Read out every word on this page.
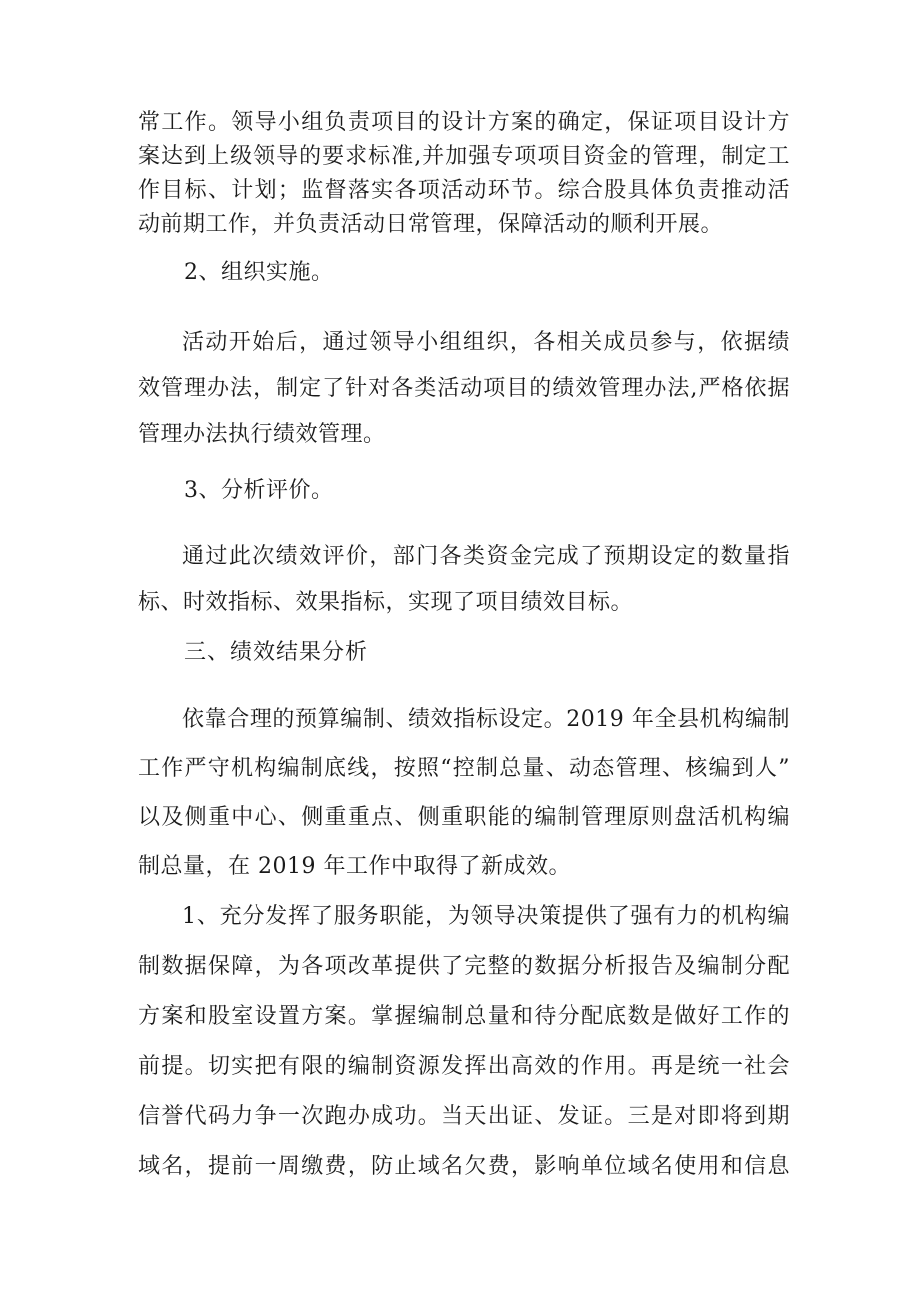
常工作。领导小组负责项目的设计方案的确定，保证项目设计方
案达到上级领导的要求标准,并加强专项项目资金的管理，制定工
作目标、计划；监督落实各项活动环节。综合股具体负责推动活
动前期工作，并负责活动日常管理，保障活动的顺利开展。
2、组织实施。
活动开始后，通过领导小组组织，各相关成员参与，依据绩
效管理办法，制定了针对各类活动项目的绩效管理办法,严格依据
管理办法执行绩效管理。
3、分析评价。
通过此次绩效评价，部门各类资金完成了预期设定的数量指
标、时效指标、效果指标，实现了项目绩效目标。
三、绩效结果分析
依靠合理的预算编制、绩效指标设定。2019 年全县机构编制
工作严守机构编制底线，按照“控制总量、动态管理、核编到人”
以及侧重中心、侧重重点、侧重职能的编制管理原则盘活机构编
制总量，在 2019 年工作中取得了新成效。
1、充分发挥了服务职能，为领导决策提供了强有力的机构编
制数据保障，为各项改革提供了完整的数据分析报告及编制分配
方案和股室设置方案。掌握编制总量和待分配底数是做好工作的
前提。切实把有限的编制资源发挥出高效的作用。再是统一社会
信誉代码力争一次跑办成功。当天出证、发证。三是对即将到期
域名，提前一周缴费，防止域名欠费，影响单位域名使用和信息
